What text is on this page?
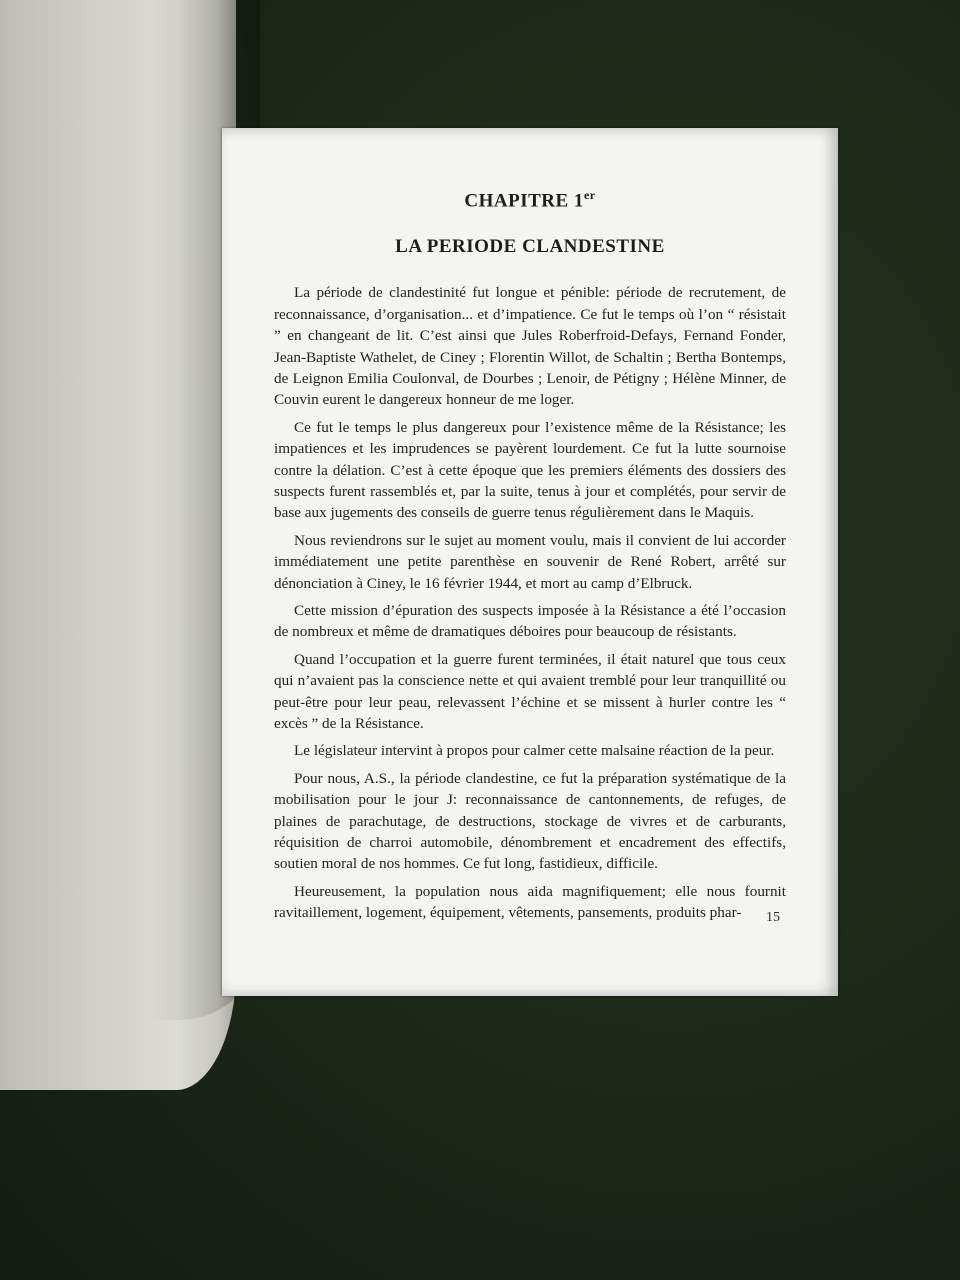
CHAPITRE 1er
LA PERIODE CLANDESTINE

La période de clandestinité fut longue et pénible: période de recrutement, de reconnaissance, d’organisation... et d’impatience. Ce fut le temps où l’on “ résistait ” en changeant de lit. C’est ainsi que Jules Roberfroid-Defays, Fernand Fonder, Jean-Baptiste Wathelet, de Ciney ; Florentin Willot, de Schaltin ; Bertha Bontemps, de Leignon Emilia Coulonval, de Dourbes ; Lenoir, de Pétigny ; Hélène Minner, de Couvin eurent le dangereux honneur de me loger.

Ce fut le temps le plus dangereux pour l’existence même de la Résistance; les impatiences et les imprudences se payèrent lourdement. Ce fut la lutte sournoise contre la délation. C’est à cette époque que les premiers éléments des dossiers des suspects furent rassemblés et, par la suite, tenus à jour et complétés, pour servir de base aux jugements des conseils de guerre tenus régulièrement dans le Maquis.

Nous reviendrons sur le sujet au moment voulu, mais il convient de lui accorder immédiatement une petite parenthèse en souvenir de René Robert, arrêté sur dénonciation à Ciney, le 16 février 1944, et mort au camp d’Elbruck.

Cette mission d’épuration des suspects imposée à la Résistance a été l’occasion de nombreux et même de dramatiques déboires pour beaucoup de résistants.

Quand l’occupation et la guerre furent terminées, il était naturel que tous ceux qui n’avaient pas la conscience nette et qui avaient tremblé pour leur tranquillité ou peut-être pour leur peau, relevassent l’échine et se missent à hurler contre les “ excès ” de la Résistance.

Le législateur intervint à propos pour calmer cette malsaine réaction de la peur.

Pour nous, A.S., la période clandestine, ce fut la préparation systématique de la mobilisation pour le jour J: reconnaissance de cantonnements, de refuges, de plaines de parachutage, de destructions, stockage de vivres et de carburants, réquisition de charroi automobile, dénombrement et encadrement des effectifs, soutien moral de nos hommes. Ce fut long, fastidieux, difficile.

Heureusement, la population nous aida magnifiquement; elle nous fournit ravitaillement, logement, équipement, vêtements, pansements, produits phar-	15
